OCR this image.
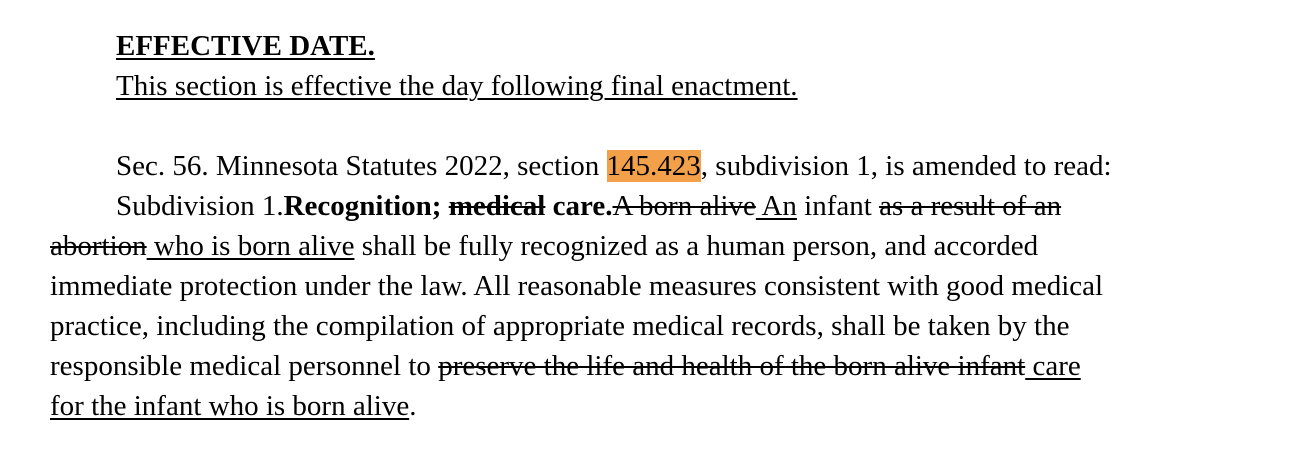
EFFECTIVE DATE.
This section is effective the day following final enactment.
Sec. 56. Minnesota Statutes 2022, section 145.423, subdivision 1, is amended to read:
Subdivision 1.Recognition; medical care.A born alive An infant as a result of an
abortion who is born alive shall be fully recognized as a human person, and accorded
immediate protection under the law. All reasonable measures consistent with good medical
practice, including the compilation of appropriate medical records, shall be taken by the
responsible medical personnel to preserve the life and health of the born alive infant care
for the infant who is born alive.
